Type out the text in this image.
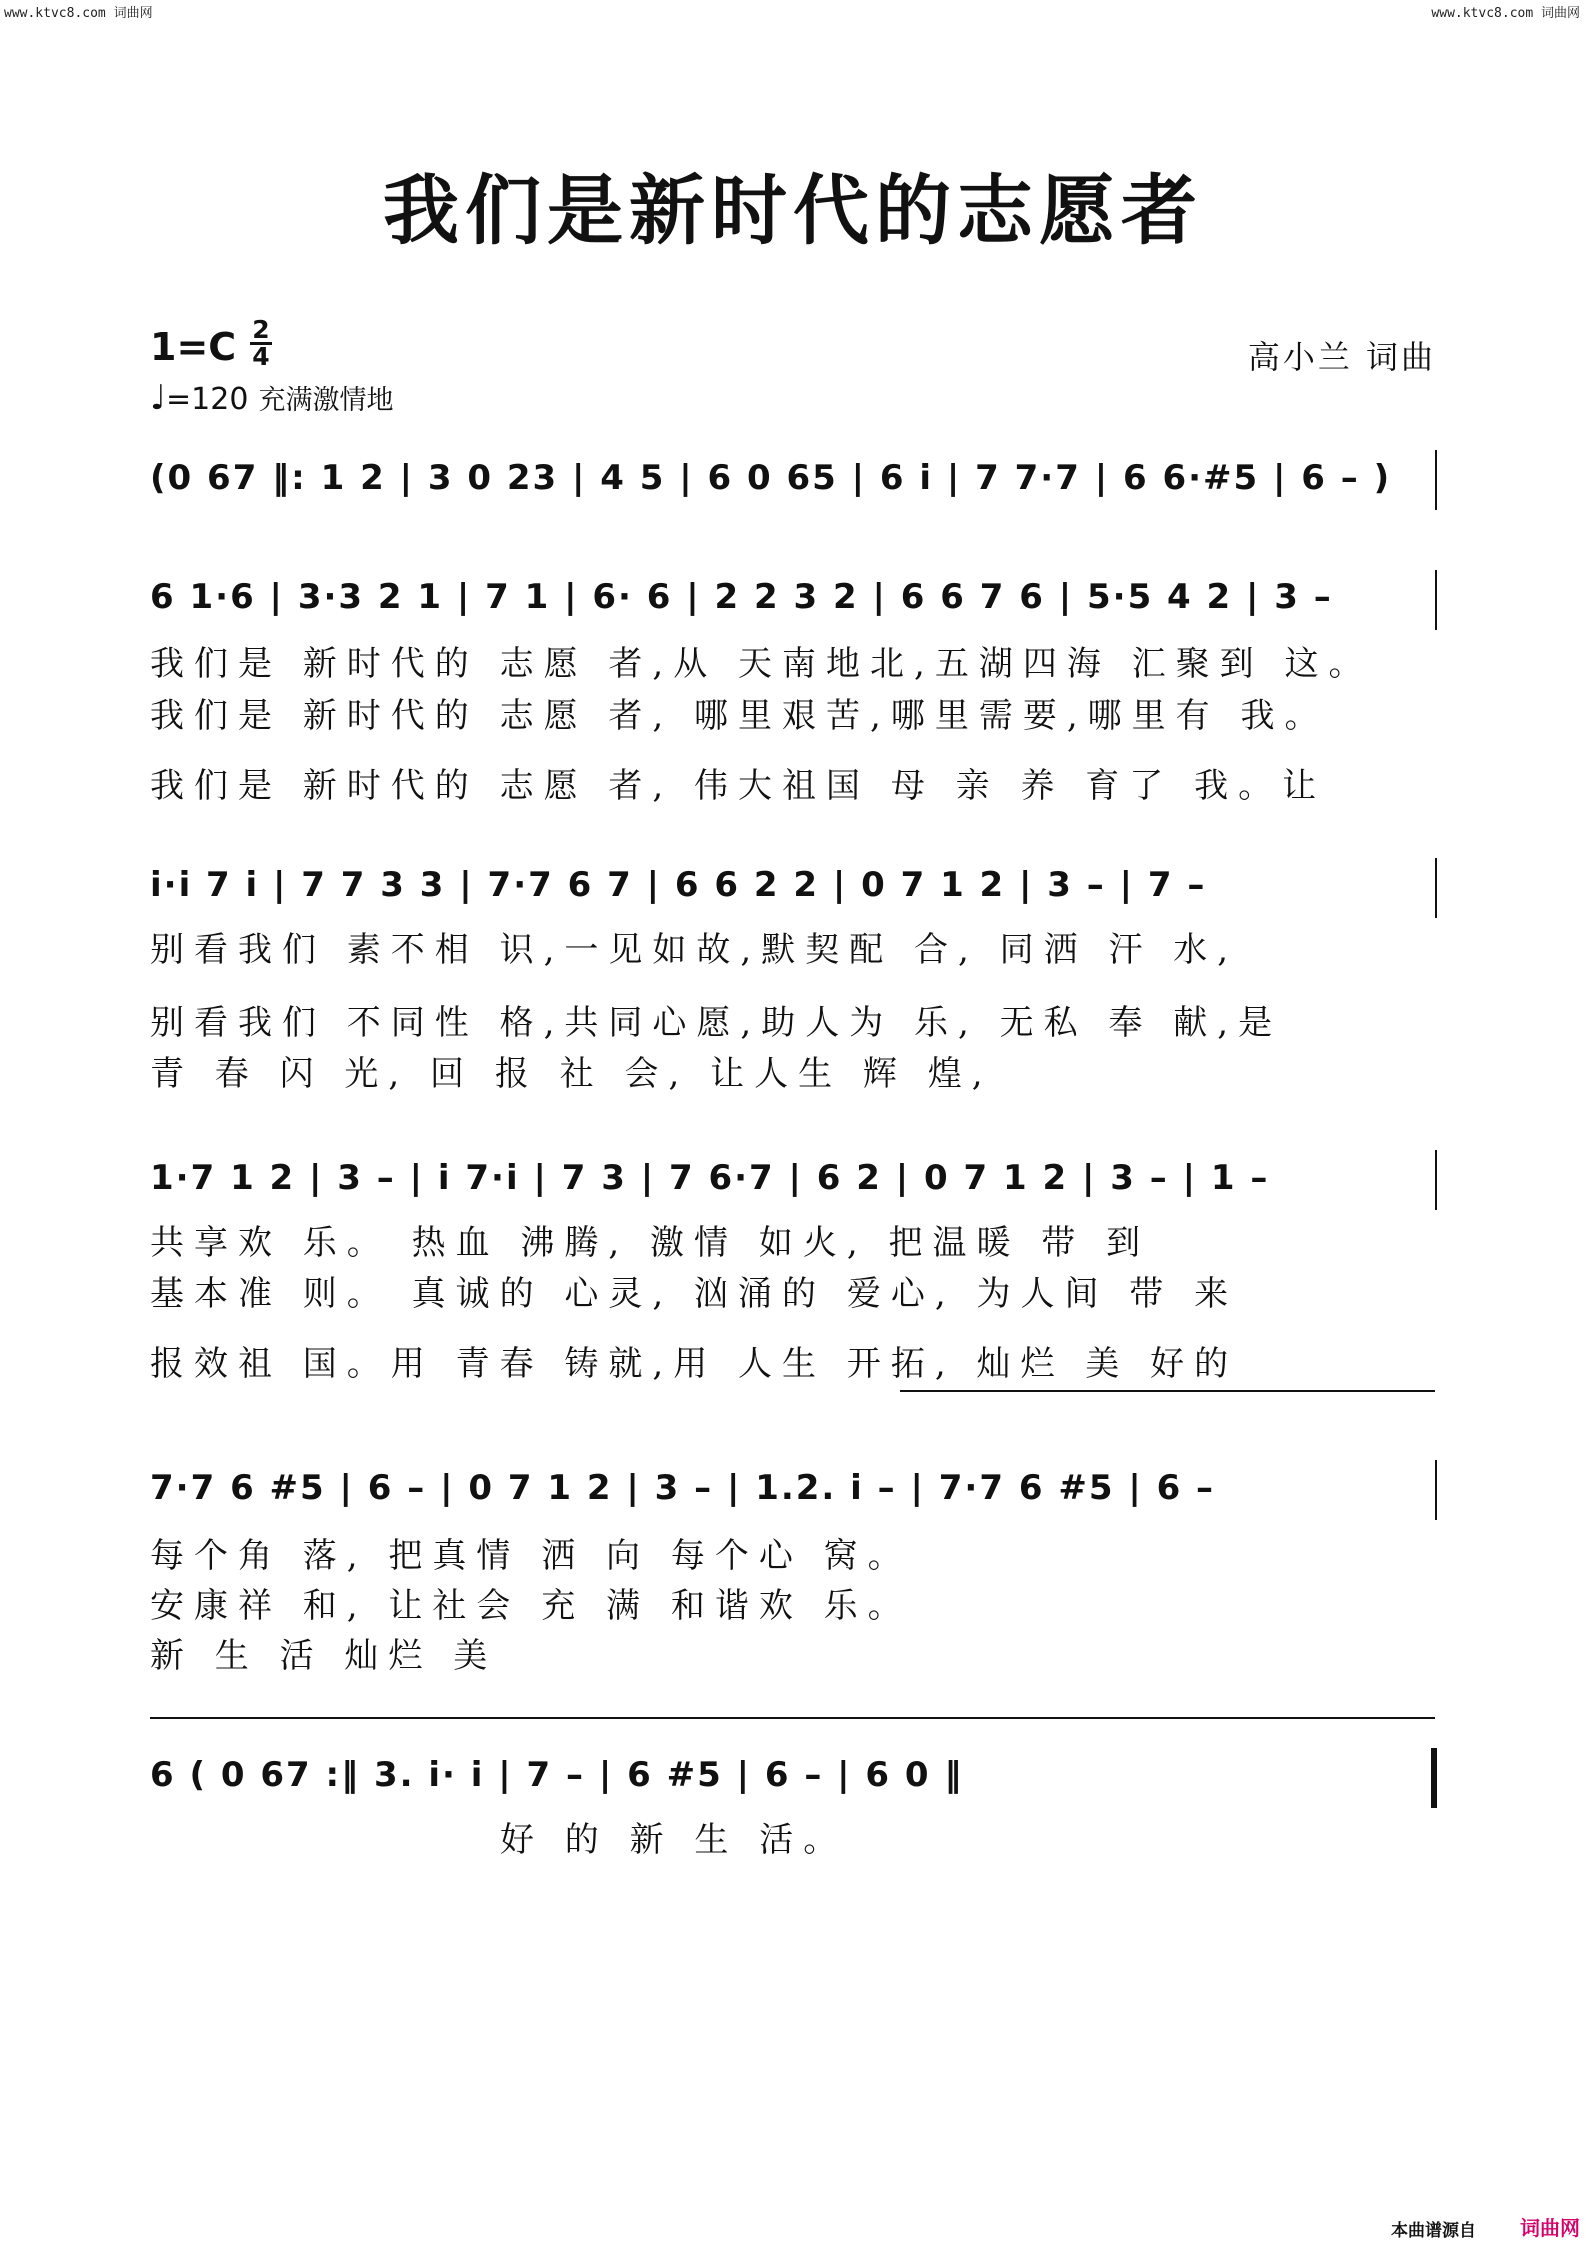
www.ktvc8.com 词曲网	www.ktvc8.com 词曲网
我们是新时代的志愿者
1=C 2
4
♩=120 充满激情地
高小兰 词曲
(0 67 ‖: 1 2 | 3 0 23 | 4 5 | 6 0 65 | 6 i | 7 7·7 | 6 6·#5 | 6 – )
6 1·6 | 3·3 2 1 | 7 1 | 6· 6 | 2 2 3 2 | 6 6 7 6 | 5·5 4 2 | 3 –
我们是 新时代的 志愿 者,从 天南地北,五湖四海 汇聚到 这。
我们是 新时代的 志愿 者, 哪里艰苦,哪里需要,哪里有 我。
我们是 新时代的 志愿 者, 伟大祖国 母 亲 养 育了 我。让
i·i 7 i | 7 7 3 3 | 7·7 6 7 | 6 6 2 2 | 0 7 1 2 | 3 – | 7 –
别看我们 素不相 识,一见如故,默契配 合, 同洒 汗 水,
别看我们 不同性 格,共同心愿,助人为 乐, 无私 奉 献,是
青 春 闪 光, 回 报 社 会, 让人生 辉 煌,
1·7 1 2 | 3 – | i 7·i | 7 3 | 7 6·7 | 6 2 | 0 7 1 2 | 3 – | 1 –
共享欢 乐。 热血 沸腾, 激情 如火, 把温暖 带 到
基本准 则。 真诚的 心灵, 汹涌的 爱心, 为人间 带 来
报效祖 国。用 青春 铸就,用 人生 开拓, 灿烂 美 好的
7·7 6 #5 | 6 – | 0 7 1 2 | 3 – | 1.2. i – | 7·7 6 #5 | 6 –
每个角 落, 把真情 洒 向 每个心 窝。
安康祥 和, 让社会 充 满 和谐欢 乐。
新 生 活 灿烂 美
6 ( 0 67 :‖ 3. i· i | 7 – | 6 #5 | 6 – | 6 0 ‖
好 的 新 生 活。
本曲谱源自 词曲网
